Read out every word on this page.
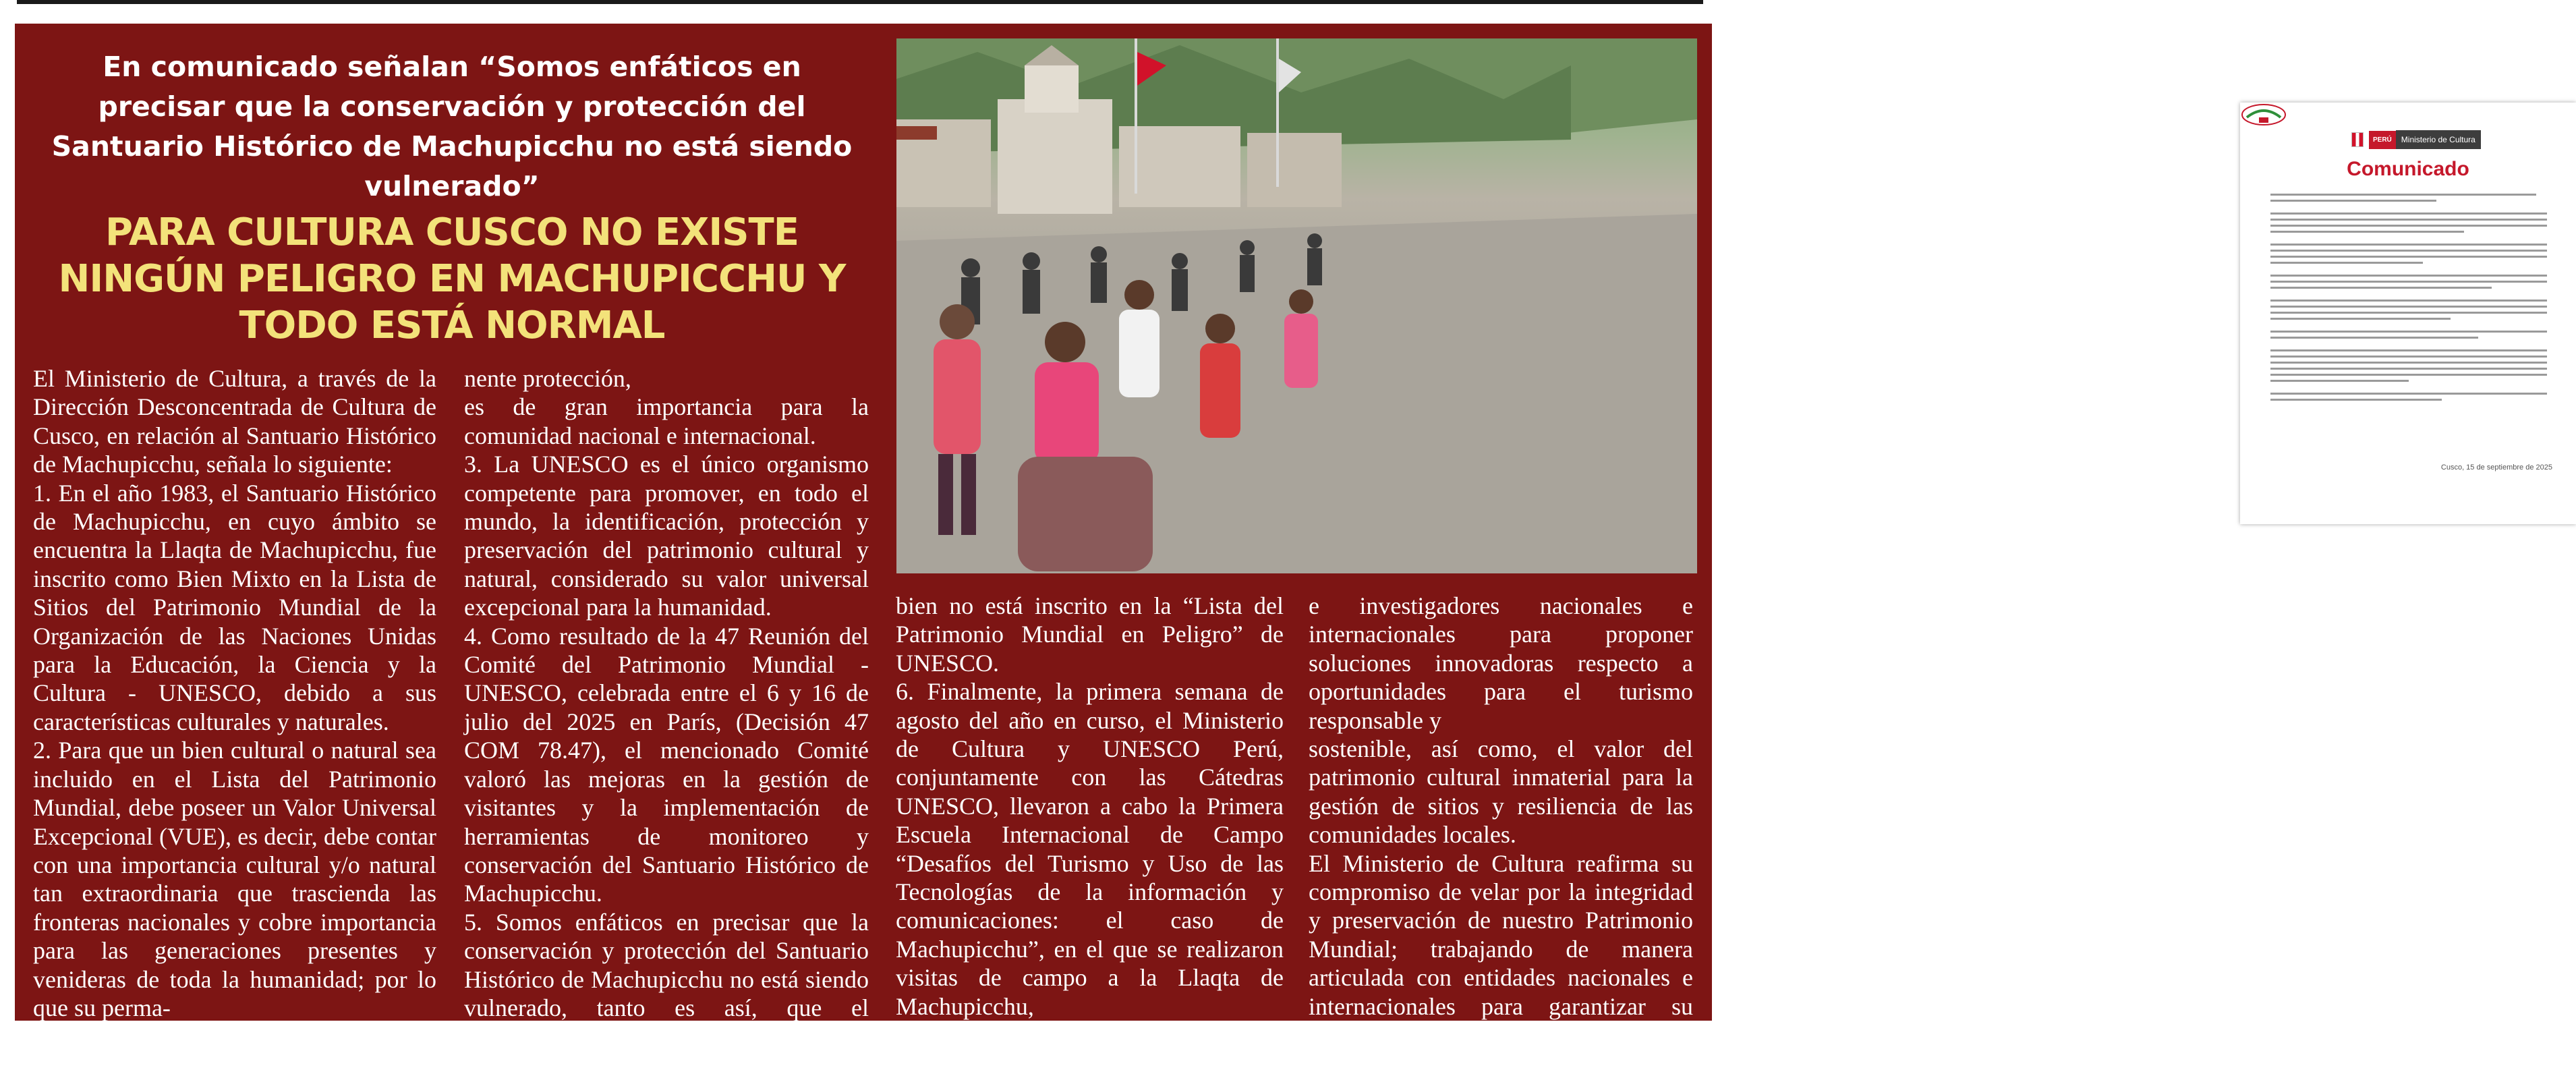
En comunicado señalan “Somos enfáticos en precisar que la conservación y protección del Santuario Histórico de Machupicchu no está siendo vulnerado”
PARA CULTURA CUSCO NO EXISTE NINGÚN PELIGRO EN MACHUPICCHU Y TODO ESTÁ NORMAL

El Ministerio de Cultura, a través de la Dirección Desconcentrada de Cultura de Cusco, en relación al Santuario Histórico de Machupicchu, señala lo siguiente:

1. En el año 1983, el Santuario Histórico de Machupicchu, en cuyo ámbito se encuentra la Llaqta de Machupicchu, fue inscrito como Bien Mixto en la Lista de Sitios del Patrimonio Mundial de la Organización de las Naciones Unidas para la Educación, la Ciencia y la Cultura - UNESCO, debido a sus características culturales y naturales.

2. Para que un bien cultural o natural sea incluido en el Lista del Patrimonio Mundial, debe poseer un Valor Universal Excepcional (VUE), es decir, debe contar con una importancia cultural y/o natural tan extraordinaria que trascienda las fronteras nacionales y cobre importancia para las generaciones presentes y venideras de toda la humanidad; por lo que su perma-

nente protección,

es de gran importancia para la comunidad nacional e internacional.

3. La UNESCO es el único organismo competente para promover, en todo el mundo, la identificación, protección y preservación del patrimonio cultural y natural, considerado su valor universal excepcional para la humanidad.

4. Como resultado de la 47 Reunión del Comité del Patrimonio Mundial - UNESCO, celebrada entre el 6 y 16 de julio del 2025 en París, (Decisión 47 COM 78.47), el mencionado Comité valoró las mejoras en la gestión de visitantes y la implementación de herramientas de monitoreo y conservación del Santuario Histórico de Machupicchu.

5. Somos enfáticos en precisar que la conservación y protección del Santuario Histórico de Machupicchu no está siendo vulnerado, tanto es así, que el mencionado

bien no está inscrito en la “Lista del Patrimonio Mundial en Peligro” de UNESCO.

6. Finalmente, la primera semana de agosto del año en curso, el Ministerio de Cultura y UNESCO Perú, conjuntamente con las Cátedras UNESCO, llevaron a cabo la Primera Escuela Internacional de Campo “Desafíos del Turismo y Uso de las Tecnologías de la información y comunicaciones: el caso de Machupicchu”, en el que se realizaron visitas de campo a la Llaqta de Machupicchu,

congregando a 40 expertos, especialistas

e investigadores nacionales e internacionales para proponer soluciones innovadoras respecto a oportunidades para el turismo responsable y

sostenible, así como, el valor del patrimonio cultural inmaterial para la gestión de sitios y resiliencia de las comunidades locales.

El Ministerio de Cultura reafirma su compromiso de velar por la integridad y preservación de nuestro Patrimonio Mundial; trabajando de manera articulada con entidades nacionales e internacionales para garantizar su salvaguarda.

PERÚ	Ministerio de Cultura
Comunicado
Cusco, 15 de septiembre de 2025
